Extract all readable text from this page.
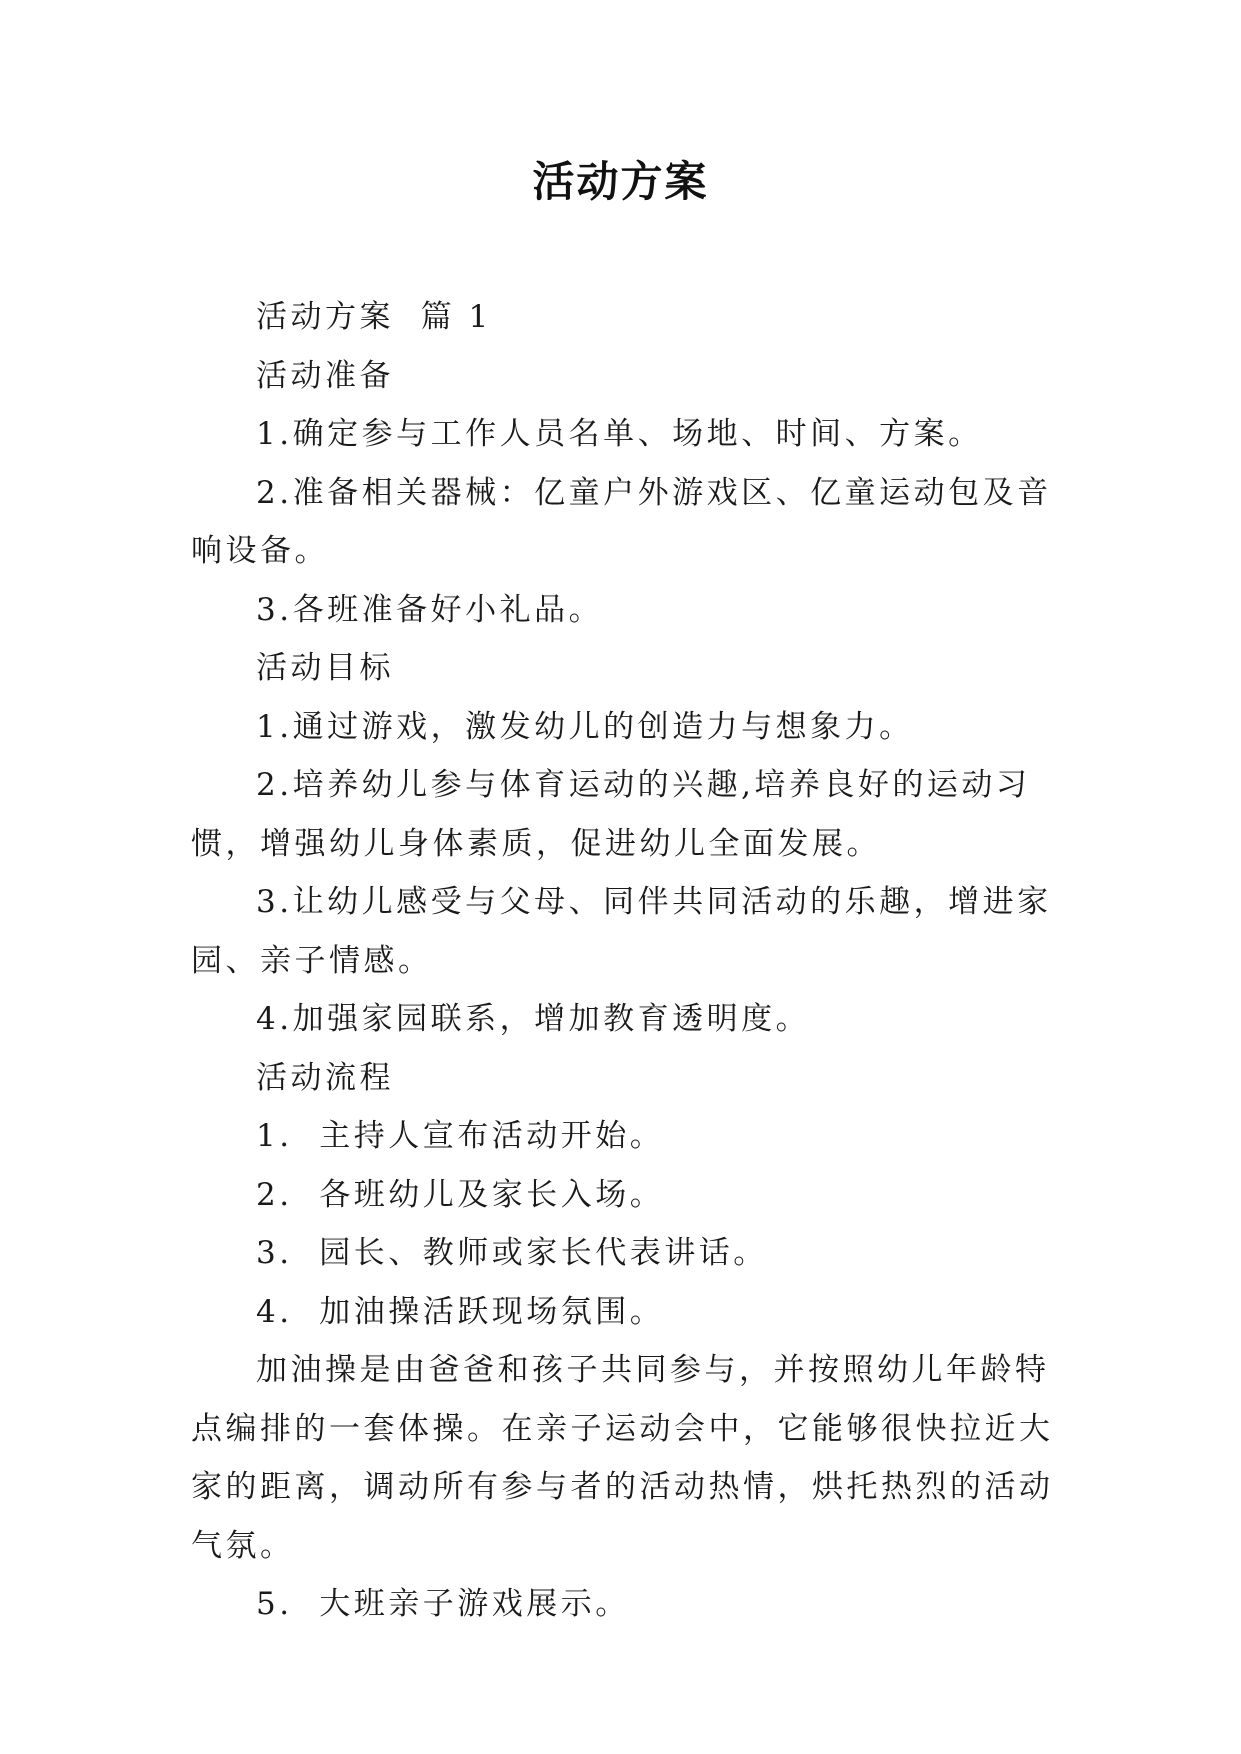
活动方案

活动方案  篇 1

活动准备

1.确定参与工作人员名单、场地、时间、方案。

2.准备相关器械：亿童户外游戏区、亿童运动包及音响设备。

3.各班准备好小礼品。

活动目标

1.通过游戏，激发幼儿的创造力与想象力。

2.培养幼儿参与体育运动的兴趣,培养良好的运动习惯，增强幼儿身体素质，促进幼儿全面发展。

3.让幼儿感受与父母、同伴共同活动的乐趣，增进家园、亲子情感。

4.加强家园联系，增加教育透明度。

活动流程

1.  主持人宣布活动开始。

2.  各班幼儿及家长入场。

3.  园长、教师或家长代表讲话。

4.  加油操活跃现场氛围。

加油操是由爸爸和孩子共同参与，并按照幼儿年龄特点编排的一套体操。在亲子运动会中，它能够很快拉近大家的距离，调动所有参与者的活动热情，烘托热烈的活动气氛。

5.  大班亲子游戏展示。
